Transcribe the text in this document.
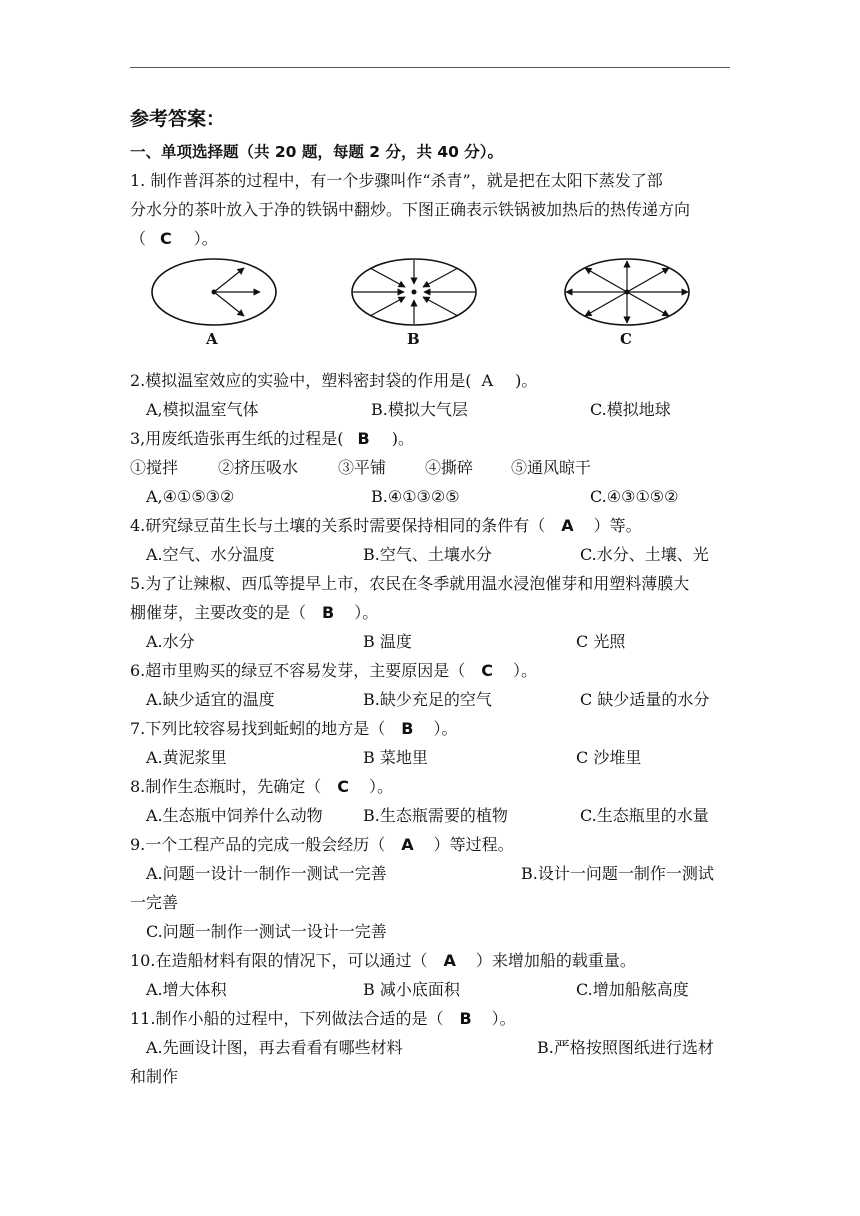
参考答案：
一、单项选择题（共 20 题，每题 2 分，共 40 分）。
1. 制作普洱茶的过程中，有一个步骤叫作“杀青”，就是把在太阳下蒸发了部
分水分的茶叶放入于净的铁锅中翻炒。下图正确表示铁锅被加热后的热传递方向
（ C ）。
A	B	C
2.模拟温室效应的实验中，塑料密封袋的作用是( A )。
A,模拟温室气体	B.模拟大气层	C.模拟地球
3,用废纸造张再生纸的过程是( B )。
①搅拌 ②挤压吸水 ③平铺 ④撕碎 ⑤通风晾干
A,④①⑤③②	B.④①③②⑤	C.④③①⑤②
4.研究绿豆苗生长与土壤的关系时需要保持相同的条件有（ A ）等。
A.空气、水分温度	B.空气、土壤水分	C.水分、土壤、光
5.为了让辣椒、西瓜等提早上市，农民在冬季就用温水浸泡催芽和用塑料薄膜大
棚催芽，主要改变的是（ B ）。
A.水分	B 温度	C 光照
6.超市里购买的绿豆不容易发芽，主要原因是（ C ）。
A.缺少适宜的温度	B.缺少充足的空气	C 缺少适量的水分
7.下列比较容易找到蚯蚓的地方是（ B ）。
A.黄泥浆里	B 菜地里	C 沙堆里
8.制作生态瓶时，先确定（ C ）。
A.生态瓶中饲养什么动物	B.生态瓶需要的植物	C.生态瓶里的水量
9.一个工程产品的完成一般会经历（ A ）等过程。
A.问题一设计一制作一测试一完善	B.设计一问题一制作一测试
一完善
C.问题一制作一测试一设计一完善
10.在造船材料有限的情况下，可以通过（ A ）来增加船的载重量。
A.增大体积	B 减小底面积	C.增加船舷高度
11.制作小船的过程中，下列做法合适的是（ B ）。
A.先画设计图，再去看看有哪些材料	B.严格按照图纸进行选材
和制作
